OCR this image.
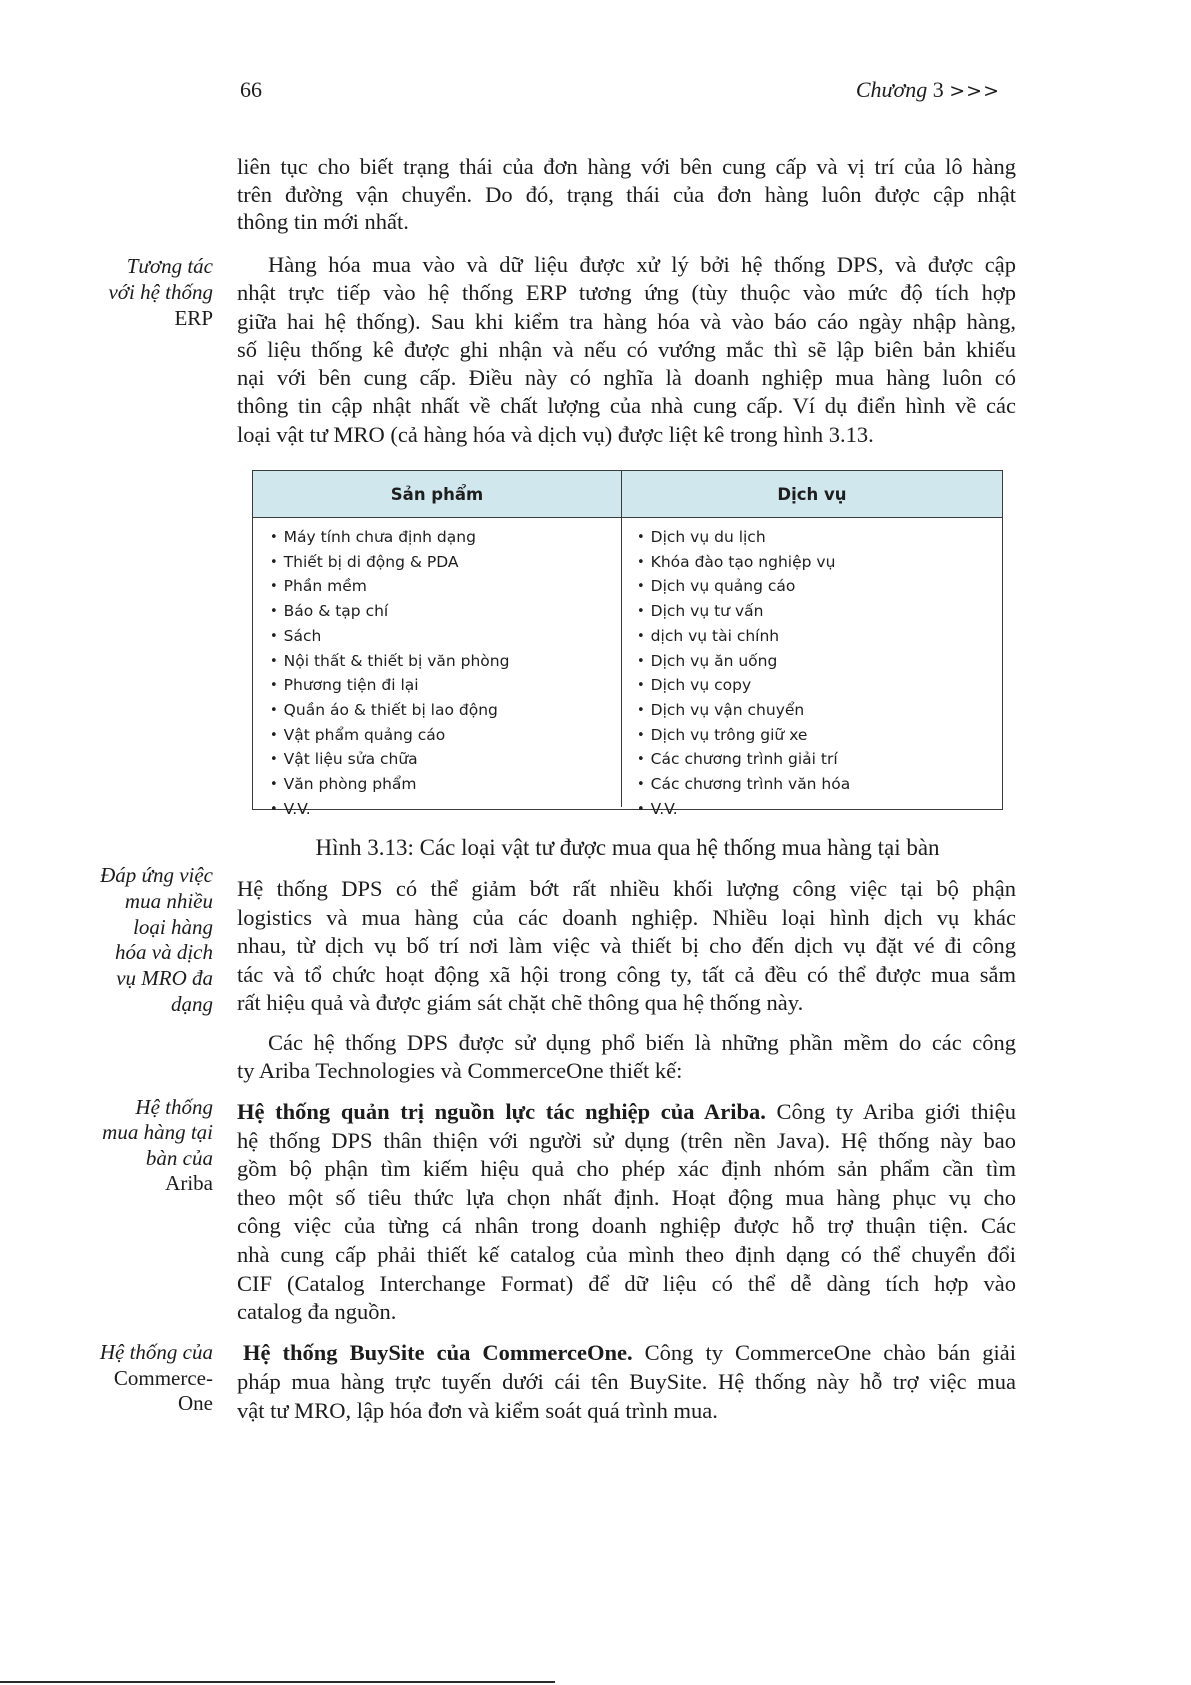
66	Chương 3 >>>
liên tục cho biết trạng thái của đơn hàng với bên cung cấp và vị trí của lô hàng
trên đường vận chuyển. Do đó, trạng thái của đơn hàng luôn được cập nhật
thông tin mới nhất.
Tương tác
với hệ thống
ERP
Hàng hóa mua vào và dữ liệu được xử lý bởi hệ thống DPS, và được cập
nhật trực tiếp vào hệ thống ERP tương ứng (tùy thuộc vào mức độ tích hợp
giữa hai hệ thống). Sau khi kiểm tra hàng hóa và vào báo cáo ngày nhập hàng,
số liệu thống kê được ghi nhận và nếu có vướng mắc thì sẽ lập biên bản khiếu
nại với bên cung cấp. Điều này có nghĩa là doanh nghiệp mua hàng luôn có
thông tin cập nhật nhất về chất lượng của nhà cung cấp. Ví dụ điển hình về các
loại vật tư MRO (cả hàng hóa và dịch vụ) được liệt kê trong hình 3.13.
Sản phẩm	Dịch vụ
• Máy tính chưa định dạng
• Thiết bị di động & PDA
• Phần mềm
• Báo & tạp chí
• Sách
• Nội thất & thiết bị văn phòng
• Phương tiện đi lại
• Quần áo & thiết bị lao động
• Vật phẩm quảng cáo
• Vật liệu sửa chữa
• Văn phòng phẩm
• V.V.
• Dịch vụ du lịch
• Khóa đào tạo nghiệp vụ
• Dịch vụ quảng cáo
• Dịch vụ tư vấn
• dịch vụ tài chính
• Dịch vụ ăn uống
• Dịch vụ copy
• Dịch vụ vận chuyển
• Dịch vụ trông giữ xe
• Các chương trình giải trí
• Các chương trình văn hóa
• V.V.
Hình 3.13: Các loại vật tư được mua qua hệ thống mua hàng tại bàn
Đáp ứng việc
mua nhiều
loại hàng
hóa và dịch
vụ MRO đa
dạng
Hệ thống DPS có thể giảm bớt rất nhiều khối lượng công việc tại bộ phận
logistics và mua hàng của các doanh nghiệp. Nhiều loại hình dịch vụ khác
nhau, từ dịch vụ bố trí nơi làm việc và thiết bị cho đến dịch vụ đặt vé đi công
tác và tổ chức hoạt động xã hội trong công ty, tất cả đều có thể được mua sắm
rất hiệu quả và được giám sát chặt chẽ thông qua hệ thống này.
Các hệ thống DPS được sử dụng phổ biến là những phần mềm do các công
ty Ariba Technologies và CommerceOne thiết kế:
Hệ thống
mua hàng tại
bàn của
Ariba
Hệ thống quản trị nguồn lực tác nghiệp của Ariba. Công ty Ariba giới thiệu
hệ thống DPS thân thiện với người sử dụng (trên nền Java). Hệ thống này bao
gồm bộ phận tìm kiếm hiệu quả cho phép xác định nhóm sản phẩm cần tìm
theo một số tiêu thức lựa chọn nhất định. Hoạt động mua hàng phục vụ cho
công việc của từng cá nhân trong doanh nghiệp được hỗ trợ thuận tiện. Các
nhà cung cấp phải thiết kế catalog của mình theo định dạng có thể chuyển đổi
CIF (Catalog Interchange Format) để dữ liệu có thể dễ dàng tích hợp vào
catalog đa nguồn.
Hệ thống của
Commerce-
One
Hệ thống BuySite của CommerceOne. Công ty CommerceOne chào bán giải
pháp mua hàng trực tuyến dưới cái tên BuySite. Hệ thống này hỗ trợ việc mua
vật tư MRO, lập hóa đơn và kiểm soát quá trình mua.
